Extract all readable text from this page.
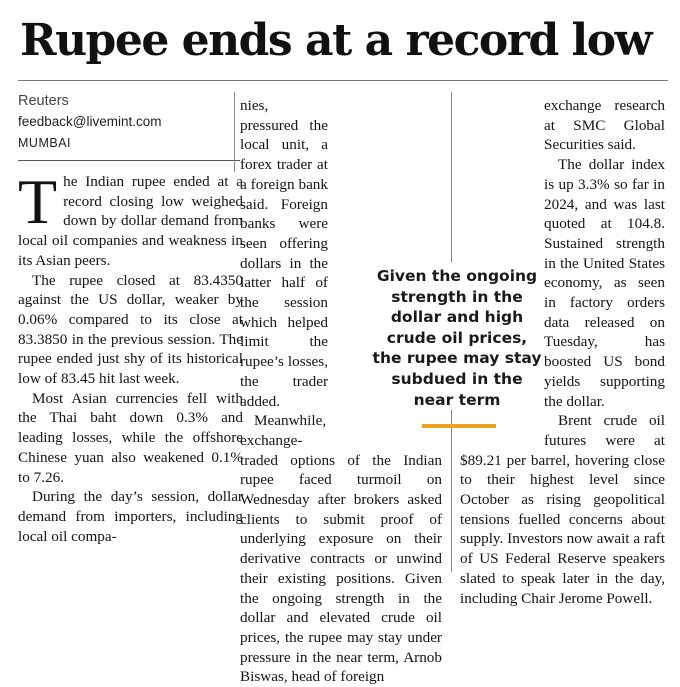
Rupee ends at a record low
Reuters
feedback@livemint.com
MUMBAI

The Indian rupee ended at a record closing low weighed down by dollar demand from local oil companies and weakness in its Asian peers.

The rupee closed at 83.4350 against the US dollar, weaker by 0.06% compared to its close at 83.3850 in the previous session. The rupee ended just shy of its historical low of 83.45 hit last week.

Most Asian currencies fell with the Thai baht down 0.3% and leading losses, while the offshore Chinese yuan also weakened 0.1% to 7.26.

During the day’s session, dollar demand from importers, including local oil compa-

nies, pressured the local unit, a forex trader at a foreign bank said. Foreign banks were seen offering dollars in the latter half of the session which helped limit the rupee’s losses, the trader added.

Meanwhile, exchange-traded options of the Indian rupee faced turmoil on Wednesday after brokers asked clients to submit proof of underlying exposure on their derivative contracts or unwind their existing positions. Given the ongoing strength in the dollar and elevated crude oil prices, the rupee may stay under pressure in the near term, Arnob Biswas, head of foreign

exchange research at SMC Global Securities said.

The dollar index is up 3.3% so far in 2024, and was last quoted at 104.8. Sustained strength in the United States economy, as seen in factory orders data released on Tuesday, has boosted US bond yields supporting the dollar.

Brent crude oil futures were at $89.21 per barrel, hovering close to their highest level since October as rising geopolitical tensions fuelled concerns about supply. Investors now await a raft of US Federal Reserve speakers slated to speak later in the day, including Chair Jerome Powell.

Given the ongoing strength in the dollar and high crude oil prices, the rupee may stay subdued in the near term
